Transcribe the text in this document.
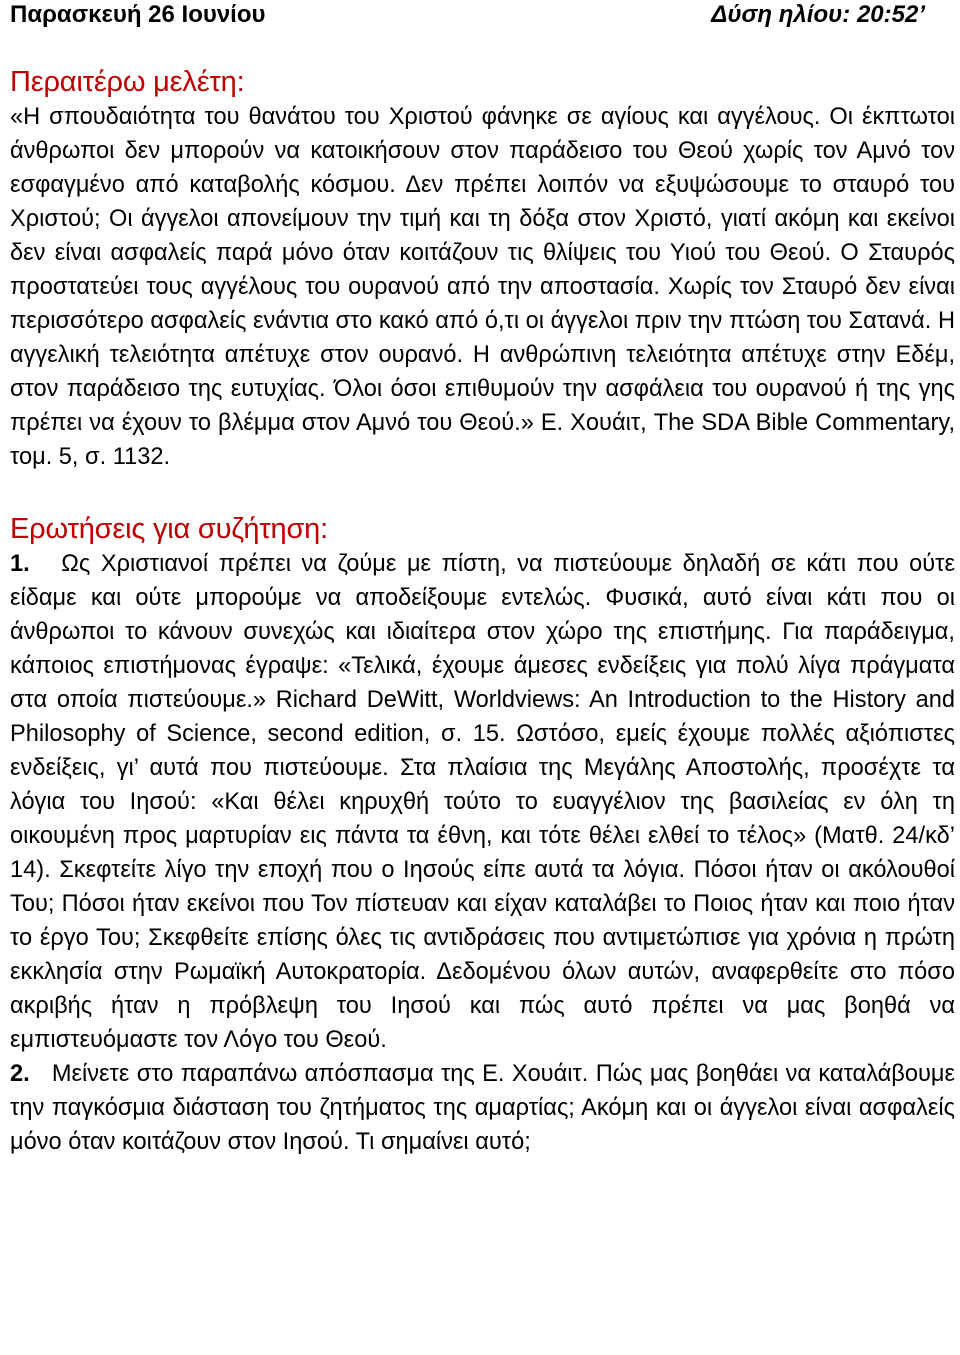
Παρασκευή 26 Ιουνίου	Δύση ηλίου: 20:52’
Περαιτέρω μελέτη:

«Η σπουδαιότητα του θανάτου του Χριστού φάνηκε σε αγίους και αγγέλους. Οι έκπτωτοι άνθρωποι δεν μπορούν να κατοικήσουν στον παράδεισο του Θεού χωρίς τον Αμνό τον εσφαγμένο από καταβολής κόσμου. Δεν πρέπει λοιπόν να εξυψώσουμε το σταυρό του Χριστού; Οι άγγελοι απονείμουν την τιμή και τη δόξα στον Χριστό, γιατί ακόμη και εκείνοι δεν είναι ασφαλείς παρά μόνο όταν κοιτάζουν τις θλίψεις του Υιού του Θεού. Ο Σταυρός προστατεύει τους αγγέλους του ουρανού από την αποστασία. Χωρίς τον Σταυρό δεν είναι περισσότερο ασφαλείς ενάντια στο κακό από ό,τι οι άγγελοι πριν την πτώση του Σατανά. Η αγγελική τελειότητα απέτυχε στον ουρανό. Η ανθρώπινη τελειότητα απέτυχε στην Εδέμ, στον παράδεισο της ευτυχίας. Όλοι όσοι επιθυμούν την ασφάλεια του ουρανού ή της γης πρέπει να έχουν το βλέμμα στον Αμνό του Θεού.» Ε. Χουάιτ, The SDA Bible Commentary, τομ. 5, σ. 1132.

Ερωτήσεις για συζήτηση:

1. Ως Χριστιανοί πρέπει να ζούμε με πίστη, να πιστεύουμε δηλαδή σε κάτι που ούτε είδαμε και ούτε μπορούμε να αποδείξουμε εντελώς. Φυσικά, αυτό είναι κάτι που οι άνθρωποι το κάνουν συνεχώς και ιδιαίτερα στον χώρο της επιστήμης. Για παράδειγμα, κάποιος επιστήμονας έγραψε: «Τελικά, έχουμε άμεσες ενδείξεις για πολύ λίγα πράγματα στα οποία πιστεύουμε.» Richard DeWitt, Worldviews: An Introduction to the History and Philosophy of Science, second edition, σ. 15. Ωστόσο, εμείς έχουμε πολλές αξιόπιστες ενδείξεις, γι’ αυτά που πιστεύουμε. Στα πλαίσια της Μεγάλης Αποστολής, προσέχτε τα λόγια του Ιησού: «Και θέλει κηρυχθή τούτο το ευαγγέλιον της βασιλείας εν όλη τη οικουμένη προς μαρτυρίαν εις πάντα τα έθνη, και τότε θέλει ελθεί το τέλος» (Ματθ. 24/κδ’ 14). Σκεφτείτε λίγο την εποχή που ο Ιησούς είπε αυτά τα λόγια. Πόσοι ήταν οι ακόλουθοί Του; Πόσοι ήταν εκείνοι που Τον πίστευαν και είχαν καταλάβει το Ποιος ήταν και ποιο ήταν το έργο Του; Σκεφθείτε επίσης όλες τις αντιδράσεις που αντιμετώπισε για χρόνια η πρώτη εκκλησία στην Ρωμαϊκή Αυτοκρατορία. Δεδομένου όλων αυτών, αναφερθείτε στο πόσο ακριβής ήταν η πρόβλεψη του Ιησού και πώς αυτό πρέπει να μας βοηθά να εμπιστευόμαστε τον Λόγο του Θεού.

2. Μείνετε στο παραπάνω απόσπασμα της Ε. Χουάιτ. Πώς μας βοηθάει να καταλάβουμε την παγκόσμια διάσταση του ζητήματος της αμαρτίας; Ακόμη και οι άγγελοι είναι ασφαλείς μόνο όταν κοιτάζουν στον Ιησού. Τι σημαίνει αυτό;
